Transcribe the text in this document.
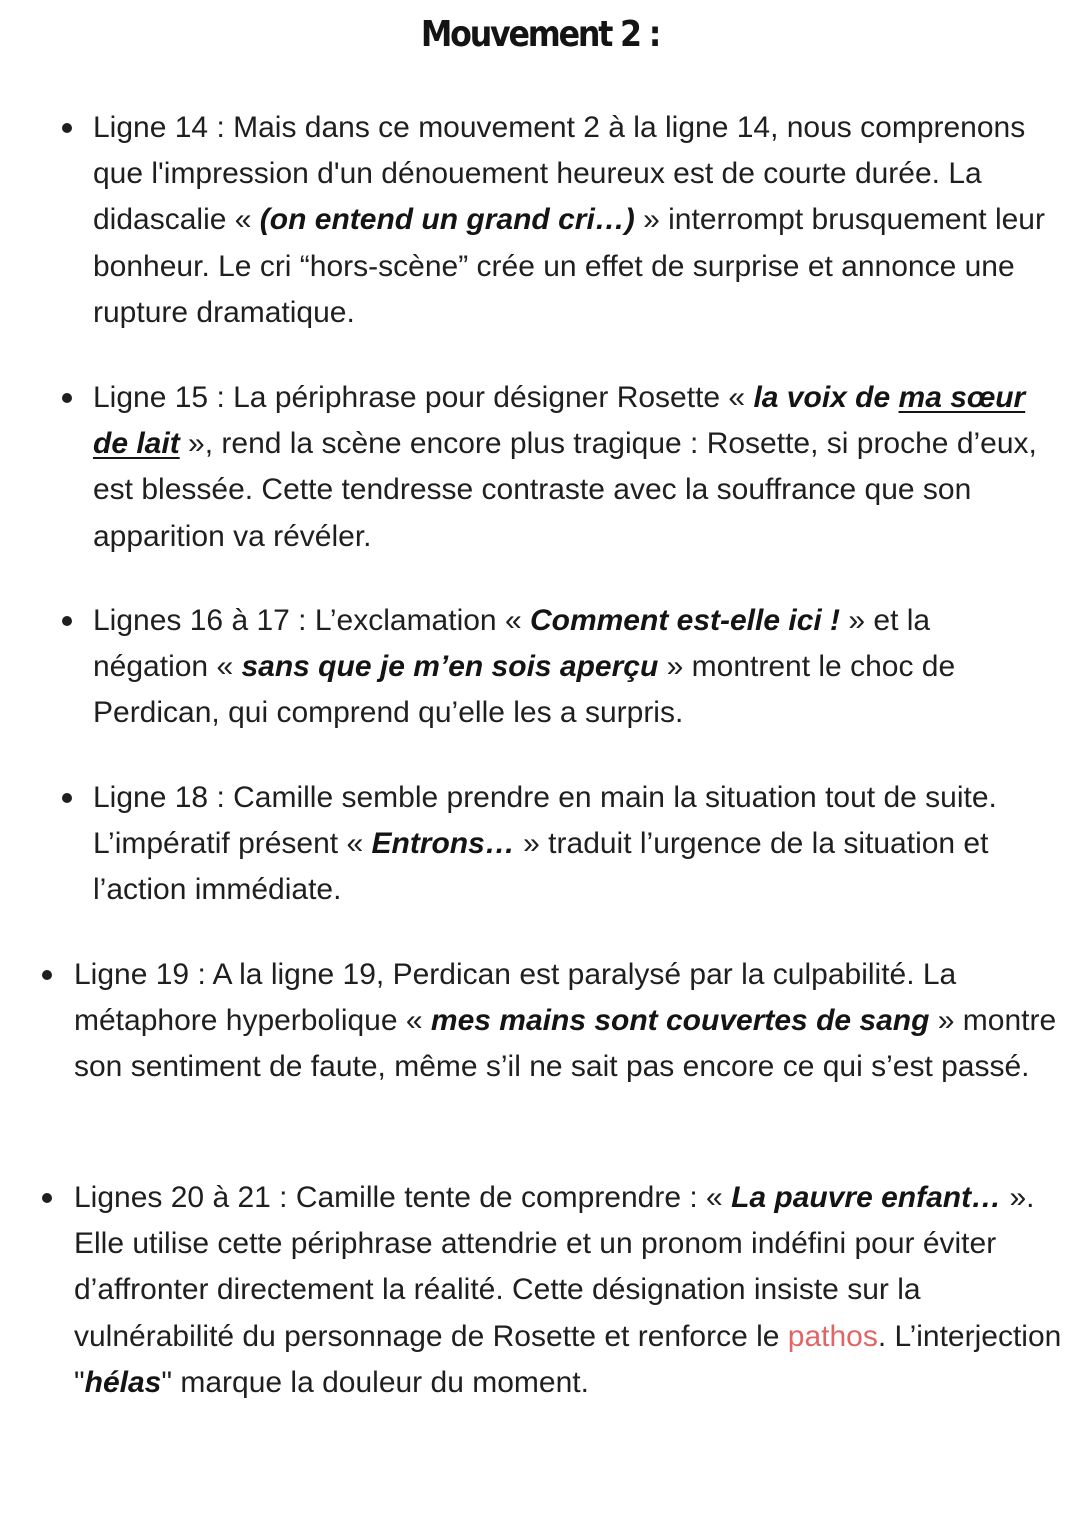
Mouvement 2 :

Ligne 14 : Mais dans ce mouvement 2 à la ligne 14, nous comprenons que l'impression d'un dénouement heureux est de courte durée. La didascalie « (on entend un grand cri…) » interrompt brusquement leur bonheur. Le cri “hors-scène” crée un effet de surprise et annonce une rupture dramatique.

Ligne 15 : La périphrase pour désigner Rosette « la voix de ma sœur de lait », rend la scène encore plus tragique : Rosette, si proche d’eux, est blessée. Cette tendresse contraste avec la souffrance que son apparition va révéler.

Lignes 16 à 17 : L’exclamation « Comment est-elle ici ! » et la négation « sans que je m’en sois aperçu » montrent le choc de Perdican, qui comprend qu’elle les a surpris.

Ligne 18 : Camille semble prendre en main la situation tout de suite. L’impératif présent « Entrons… » traduit l’urgence de la situation et l’action immédiate.

Ligne 19 : A la ligne 19, Perdican est paralysé par la culpabilité. La métaphore hyperbolique « mes mains sont couvertes de sang » montre son sentiment de faute, même s’il ne sait pas encore ce qui s’est passé.

Lignes 20 à 21 : Camille tente de comprendre : « La pauvre enfant… ». Elle utilise cette périphrase attendrie et un pronom indéfini pour éviter d’affronter directement la réalité. Cette désignation insiste sur la vulnérabilité du personnage de Rosette et renforce le pathos. L’interjection "hélas" marque la douleur du moment.
